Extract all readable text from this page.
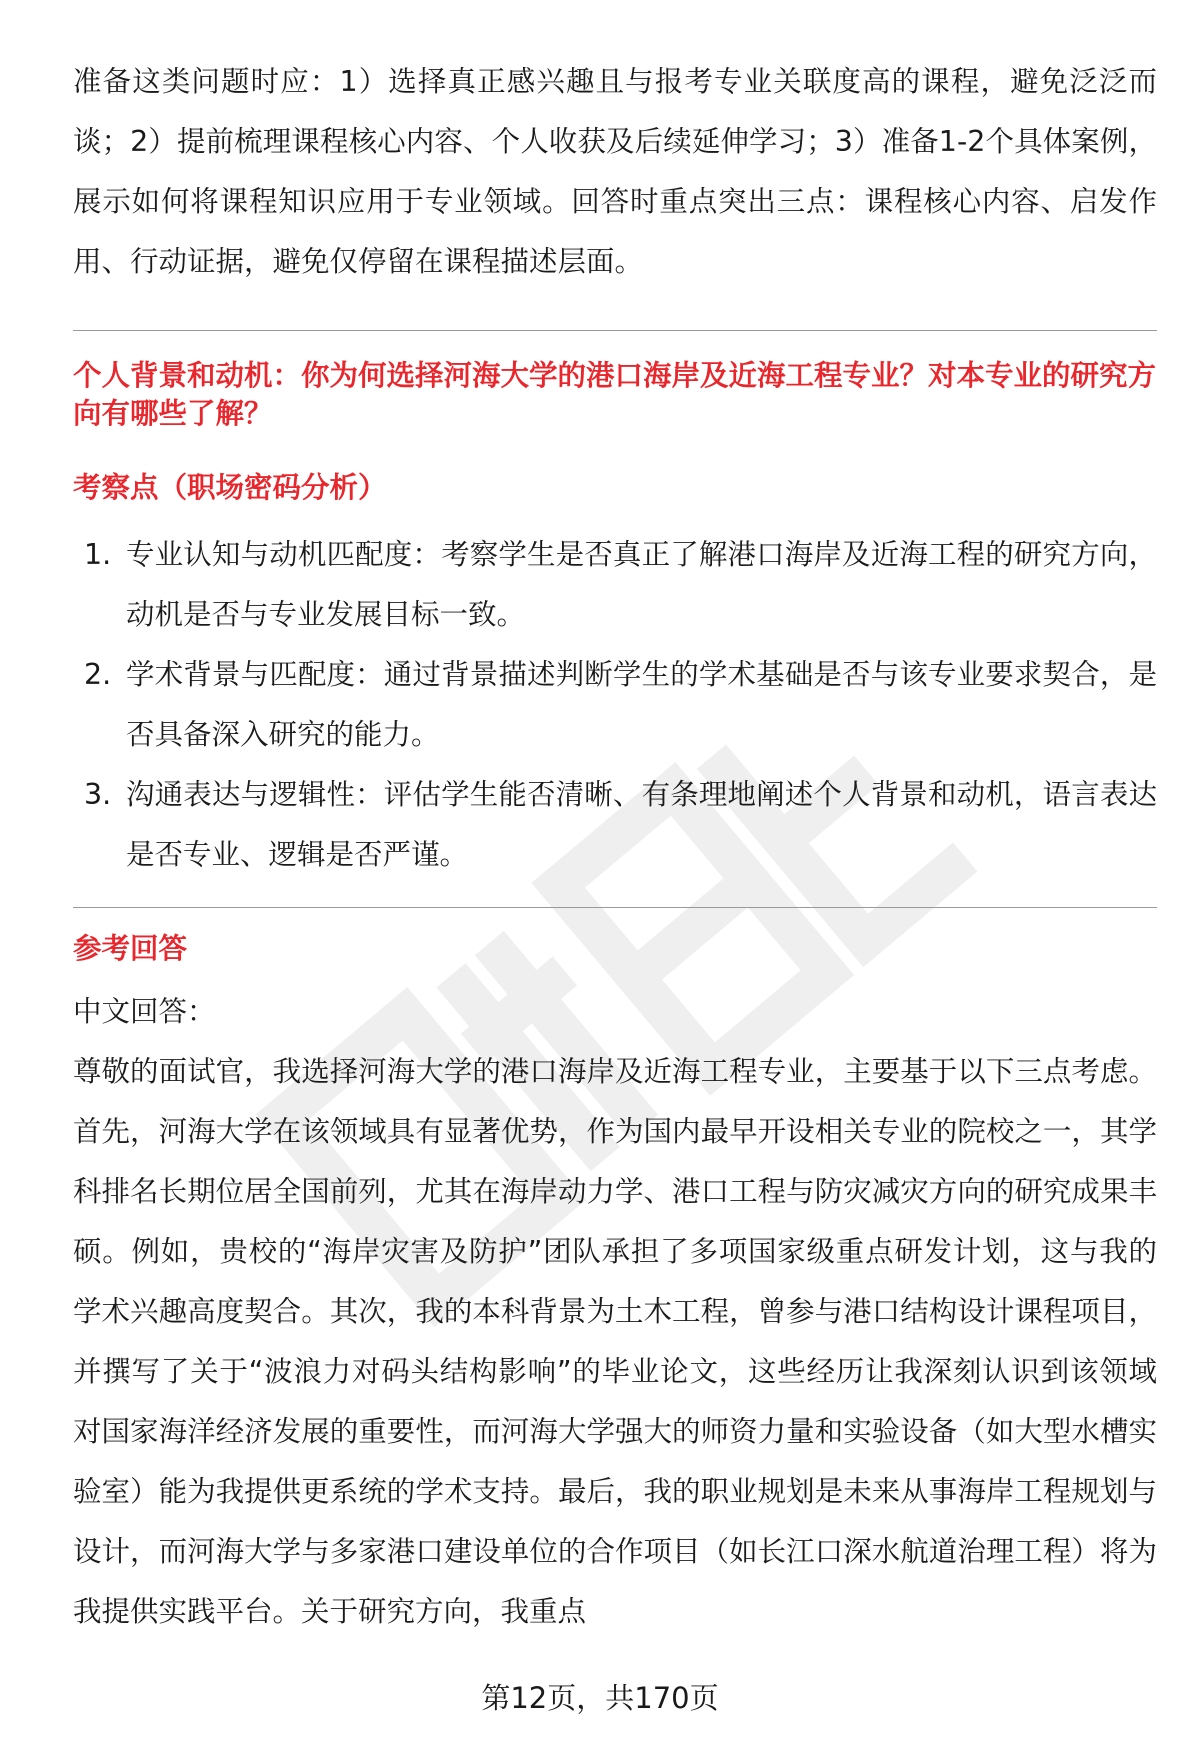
准备这类问题时应：1）选择真正感兴趣且与报考专业关联度高的课程，避免泛泛而谈；2）提前梳理课程核心内容、个人收获及后续延伸学习；3）准备1-2个具体案例，展示如何将课程知识应用于专业领域。回答时重点突出三点：课程核心内容、启发作用、行动证据，避免仅停留在课程描述层面。

个人背景和动机：你为何选择河海大学的港口海岸及近海工程专业？对本专业的研究方向有哪些了解？
考察点（职场密码分析）
1. 专业认知与动机匹配度：考察学生是否真正了解港口海岸及近海工程的研究方向，动机是否与专业发展目标一致。
2. 学术背景与匹配度：通过背景描述判断学生的学术基础是否与该专业要求契合，是否具备深入研究的能力。
3. 沟通表达与逻辑性：评估学生能否清晰、有条理地阐述个人背景和动机，语言表达是否专业、逻辑是否严谨。
参考回答

中文回答：

尊敬的面试官，我选择河海大学的港口海岸及近海工程专业，主要基于以下三点考虑。首先，河海大学在该领域具有显著优势，作为国内最早开设相关专业的院校之一，其学科排名长期位居全国前列，尤其在海岸动力学、港口工程与防灾减灾方向的研究成果丰硕。例如，贵校的“海岸灾害及防护”团队承担了多项国家级重点研发计划，这与我的学术兴趣高度契合。其次，我的本科背景为土木工程，曾参与港口结构设计课程项目，并撰写了关于“波浪力对码头结构影响”的毕业论文，这些经历让我深刻认识到该领域对国家海洋经济发展的重要性，而河海大学强大的师资力量和实验设备（如大型水槽实验室）能为我提供更系统的学术支持。最后，我的职业规划是未来从事海岸工程规划与设计，而河海大学与多家港口建设单位的合作项目（如长江口深水航道治理工程）将为我提供实践平台。关于研究方向，我重点

第12页，共170页
